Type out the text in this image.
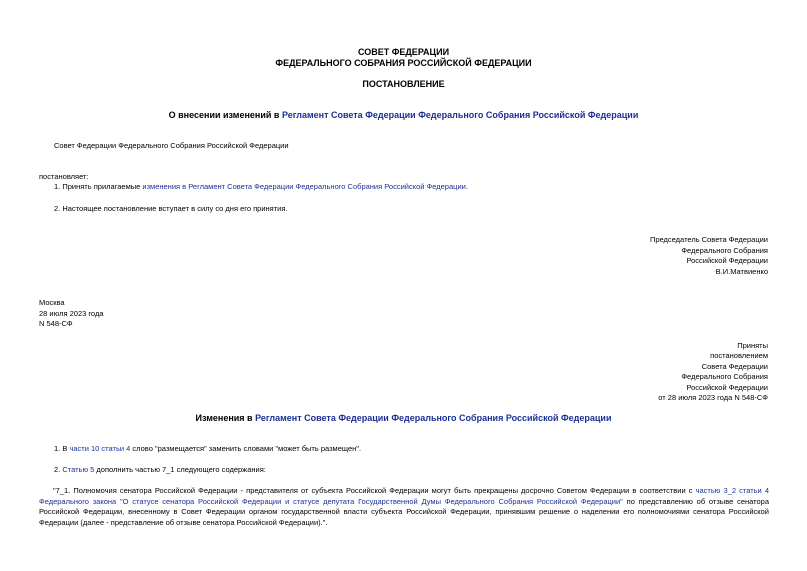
СОВЕТ ФЕДЕРАЦИИ
ФЕДЕРАЛЬНОГО СОБРАНИЯ РОССИЙСКОЙ ФЕДЕРАЦИИ
ПОСТАНОВЛЕНИЕ
О внесении изменений в Регламент Совета Федерации Федерального Собрания Российской Федерации
Совет Федерации Федерального Собрания Российской Федерации
постановляет:
1. Принять прилагаемые изменения в Регламент Совета Федерации Федерального Собрания Российской Федерации.
2. Настоящее постановление вступает в силу со дня его принятия.
Председатель Совета Федерации
Федерального Собрания
Российской Федерации
В.И.Матвиенко
Москва
28 июля 2023 года
N 548-СФ
Приняты
постановлением
Совета Федерации
Федерального Собрания
Российской Федерации
от 28 июля 2023 года N 548-СФ
Изменения в Регламент Совета Федерации Федерального Собрания Российской Федерации
1. В части 10 статьи 4 слово "размещается" заменить словами "может быть размещен".
2. Статью 5 дополнить частью 7_1 следующего содержания:
"7_1. Полномочия сенатора Российской Федерации - представителя от субъекта Российской Федерации могут быть прекращены досрочно Советом Федерации в соответствии с частью 3_2 статьи 4 Федерального закона "О статусе сенатора Российской Федерации и статусе депутата Государственной Думы Федерального Собрания Российской Федерации" по представлению об отзыве сенатора Российской Федерации, внесенному в Совет Федерации органом государственной власти субъекта Российской Федерации, принявшим решение о наделении его полномочиями сенатора Российской Федерации (далее - представление об отзыве сенатора Российской Федерации).".
